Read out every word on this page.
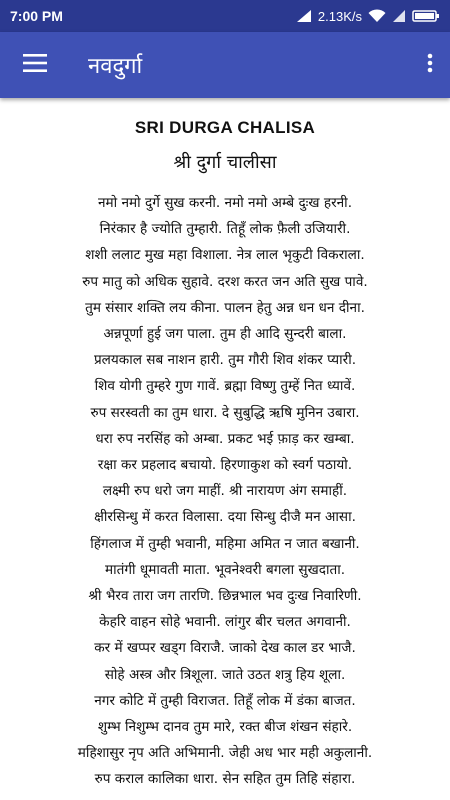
7:00 PM	2.13K/s
नवदुर्गा
SRI DURGA CHALISA
श्री दुर्गा चालीसा
नमो नमो दुर्गे सुख करनी. नमो नमो अम्बे दुःख हरनी.
निरंकार है ज्योति तुम्हारी. तिहूँ लोक फ़ैली उजियारी.
शशी ललाट मुख महा विशाला. नेत्र लाल भृकुटी विकराला.
रुप मातु को अधिक सुहावे. दरश करत जन अति सुख पावे.
तुम संसार शक्ति लय कीना. पालन हेतु अन्न धन धन दीना.
अन्नपूर्णा हुई जग पाला. तुम ही आदि सुन्दरी बाला.
प्रलयकाल सब नाशन हारी. तुम गौरी शिव शंकर प्यारी.
शिव योगी तुम्हरे गुण गावें. ब्रह्मा विष्णु तुम्हें नित ध्यावें.
रुप सरस्वती का तुम धारा. दे सुबुद्धि ऋषि मुनिन उबारा.
धरा रुप नरसिंह को अम्बा. प्रकट भई फ़ाड़ कर खम्बा.
रक्षा कर प्रहलाद बचायो. हिरणाकुश को स्वर्ग पठायो.
लक्ष्मी रुप धरो जग माहीं. श्री नारायण अंग समाहीं.
क्षीरसिन्धु में करत विलासा. दया सिन्धु दीजै मन आसा.
हिंगलाज में तुम्ही भवानी, महिमा अमित न जात बखानी.
मातंगी धूमावती माता. भूवनेश्वरी बगला सुखदाता.
श्री भैरव तारा जग तारणि. छिन्नभाल भव दुःख निवारिणी.
केहरि वाहन सोहे भवानी. लांगुर बीर चलत अगवानी.
कर में खप्पर खड्ग विराजै. जाको देख काल डर भाजै.
सोहे अस्त्र और त्रिशूला. जाते उठत शत्रु हिय शूला.
नगर कोटि में तुम्ही विराजत. तिहूँ लोक में डंका बाजत.
शुम्भ निशुम्भ दानव तुम मारे, रक्त बीज शंखन संहारे.
महिशासुर नृप अति अभिमानी. जेही अध भार मही अकुलानी.
रुप कराल कालिका धारा. सेन सहित तुम तिहि संहारा.
